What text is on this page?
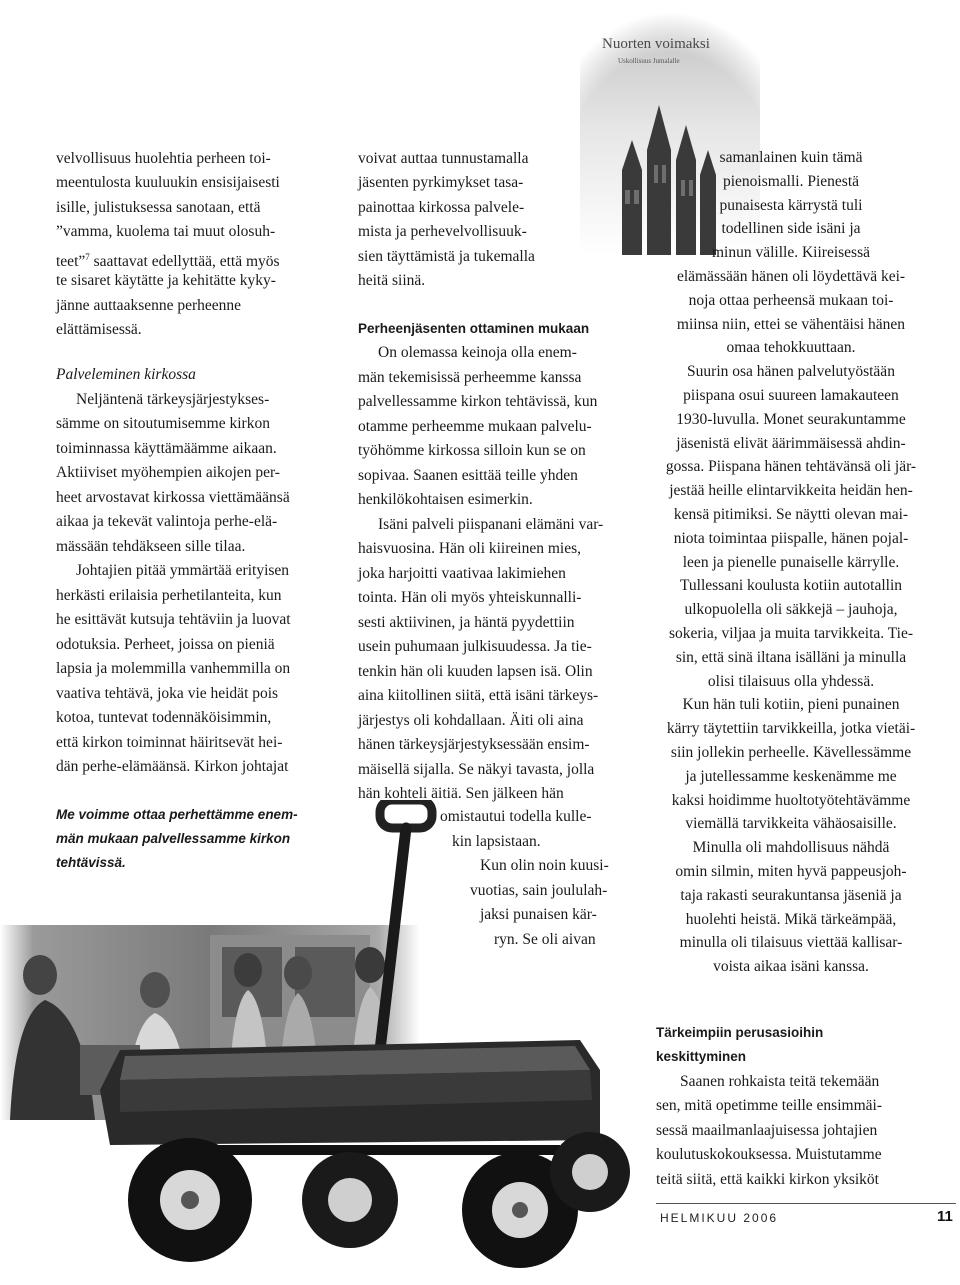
Nuorten voimaksi
Uskollisuus Jumalalle
velvollisuus huolehtia perheen toi-
meentulosta kuuluukin ensisijaisesti
isille, julistuksessa sanotaan, että
”vamma, kuolema tai muut olosuh-
teet”$^7$ saattavat edellyttää, että myös
te sisaret käytätte ja kehitätte kyky-
jänne auttaaksenne perheenne
elättämisessä.
Palveleminen kirkossa
Neljäntenä tärkeysjärjestykses-
sämme on sitoutumisemme kirkon
toiminnassa käyttämäämme aikaan.
Aktiiviset myöhempien aikojen per-
heet arvostavat kirkossa viettämäänsä
aikaa ja tekevät valintoja perhe-elä-
mässään tehdäkseen sille tilaa.
Johtajien pitää ymmärtää erityisen
herkästi erilaisia perhetilanteita, kun
he esittävät kutsuja tehtäviin ja luovat
odotuksia. Perheet, joissa on pieniä
lapsia ja molemmilla vanhemmilla on
vaativa tehtävä, joka vie heidät pois
kotoa, tuntevat todennäköisimmin,
että kirkon toiminnat häiritsevät hei-
dän perhe-elämäänsä. Kirkon johtajat
Me voimme ottaa perhettämme enem-
män mukaan palvellessamme kirkon
tehtävissä.
voivat auttaa tunnustamalla
jäsenten pyrkimykset tasa-
painottaa kirkossa palvele-
mista ja perhevelvollisuuk-
sien täyttämistä ja tukemalla
heitä siinä.
Perheenjäsenten ottaminen mukaan
On olemassa keinoja olla enem-
män tekemisissä perheemme kanssa
palvellessamme kirkon tehtävissä, kun
otamme perheemme mukaan palvelu-
työhömme kirkossa silloin kun se on
sopivaa. Saanen esittää teille yhden
henkilökohtaisen esimerkin.
Isäni palveli piispanani elämäni var-
haisvuosina. Hän oli kiireinen mies,
joka harjoitti vaativaa lakimiehen
tointa. Hän oli myös yhteiskunnalli-
sesti aktiivinen, ja häntä pyydettiin
usein puhumaan julkisuudessa. Ja tie-
tenkin hän oli kuuden lapsen isä. Olin
aina kiitollinen siitä, että isäni tärkeys-
järjestys oli kohdallaan. Äiti oli aina
hänen tärkeysjärjestyksessään ensim-
mäisellä sijalla. Se näkyi tavasta, jolla
hän kohteli äitiä. Sen jälkeen hän
omistautui todella kulle-
kin lapsistaan.
Kun olin noin kuusi-
vuotias, sain joululah-
jaksi punaisen kär-
ryn. Se oli aivan
samanlainen kuin tämä
pienoismalli. Pienestä
punaisesta kärrystä tuli
todellinen side isäni ja
minun välille. Kiireisessä
elämässään hänen oli löydettävä kei-
noja ottaa perheensä mukaan toi-
miinsa niin, ettei se vähentäisi hänen
omaa tehokkuuttaan.
Suurin osa hänen palvelutyöstään
piispana osui suureen lamakauteen
1930-luvulla. Monet seurakuntamme
jäsenistä elivät äärimmäisessä ahdin-
gossa. Piispana hänen tehtävänsä oli jär-
jestää heille elintarvikkeita heidän hen-
kensä pitimiksi. Se näytti olevan mai-
niota toimintaa piispalle, hänen pojal-
leen ja pienelle punaiselle kärrylle.
Tullessani koulusta kotiin autotallin
ulkopuolella oli säkkejä – jauhoja,
sokeria, viljaa ja muita tarvikkeita. Tie-
sin, että sinä iltana isälläni ja minulla
olisi tilaisuus olla yhdessä.
Kun hän tuli kotiin, pieni punainen
kärry täytettiin tarvikkeilla, jotka vietäi-
siin jollekin perheelle. Kävellessämme
ja jutellessamme keskenämme me
kaksi hoidimme huoltotyötehtävämme
viemällä tarvikkeita vähäosaisille.
Minulla oli mahdollisuus nähdä
omin silmin, miten hyvä pappeusjoh-
taja rakasti seurakuntansa jäseniä ja
huolehti heistä. Mikä tärkeämpää,
minulla oli tilaisuus viettää kallisar-
voista aikaa isäni kanssa.
Tärkeimpiin perusasioihin
keskittyminen
Saanen rohkaista teitä tekemään
sen, mitä opetimme teille ensimmäi-
sessä maailmanlaajuisessa johtajien
koulutuskokouksessa. Muistutamme
teitä siitä, että kaikki kirkon yksiköt
HELMIKUU 2006	11
